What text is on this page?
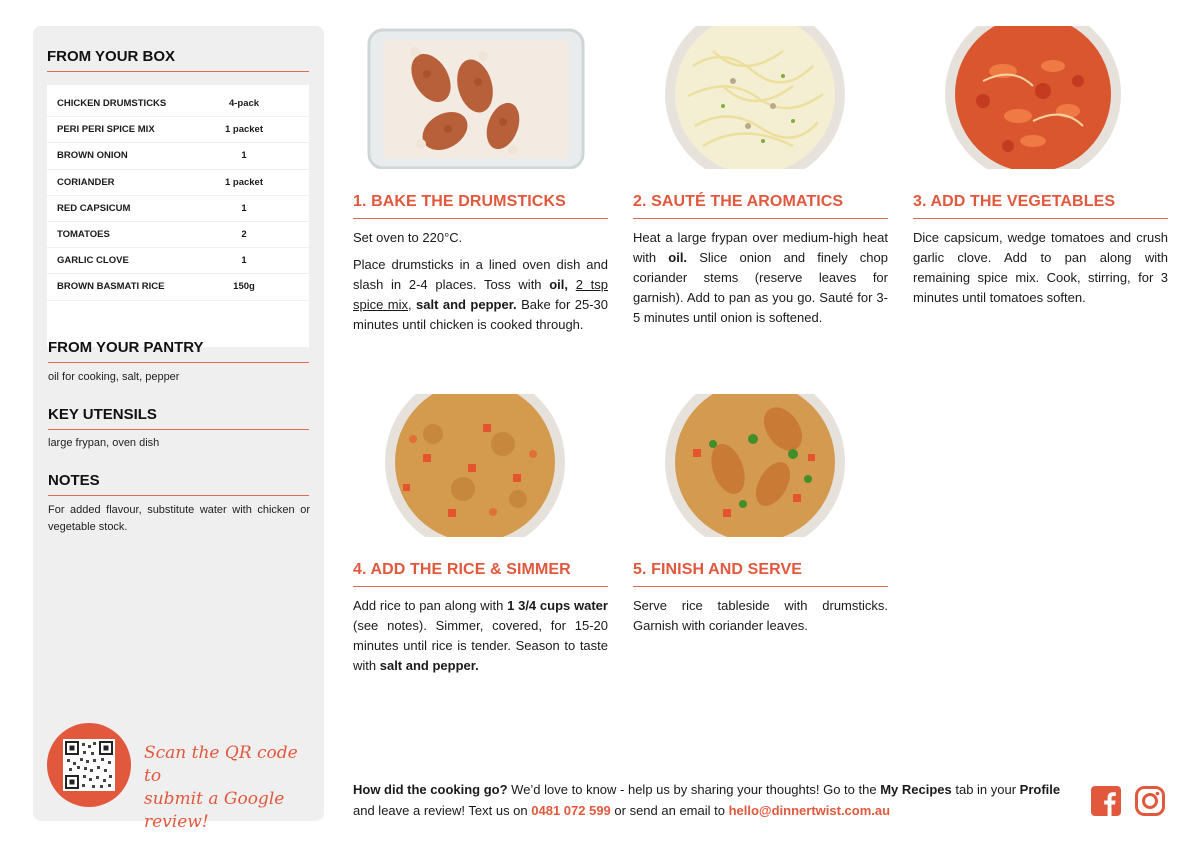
FROM YOUR BOX
CHICKEN DRUMSTICKS	4-pack
PERI PERI SPICE MIX	1 packet
BROWN ONION	1
CORIANDER	1 packet
RED CAPSICUM	1
TOMATOES	2
GARLIC CLOVE	1
BROWN BASMATI RICE	150g
FROM YOUR PANTRY
oil for cooking, salt, pepper
KEY UTENSILS
large frypan, oven dish
NOTES
For added flavour, substitute water with chicken or vegetable stock.
Scan the QR code to
submit a Google review!
1. BAKE THE DRUMSTICKS

Set oven to 220°C.

Place drumsticks in a lined oven dish and slash in 2-4 places. Toss with oil, 2 tsp spice mix, salt and pepper. Bake for 25-30 minutes until chicken is cooked through.

2. SAUTÉ THE AROMATICS

Heat a large frypan over medium-high heat with oil. Slice onion and finely chop coriander stems (reserve leaves for garnish). Add to pan as you go. Sauté for 3-5 minutes until onion is softened.

3. ADD THE VEGETABLES

Dice capsicum, wedge tomatoes and crush garlic clove. Add to pan along with remaining spice mix. Cook, stirring, for 3 minutes until tomatoes soften.

4. ADD THE RICE & SIMMER

Add rice to pan along with 1 3/4 cups water (see notes). Simmer, covered, for 15-20 minutes until rice is tender. Season to taste with salt and pepper.

5. FINISH AND SERVE

Serve rice tableside with drumsticks. Garnish with coriander leaves.

How did the cooking go? We’d love to know - help us by sharing your thoughts! Go to the My Recipes tab in your Profile and leave a review! Text us on 0481 072 599 or send an email to hello@dinnertwist.com.au
